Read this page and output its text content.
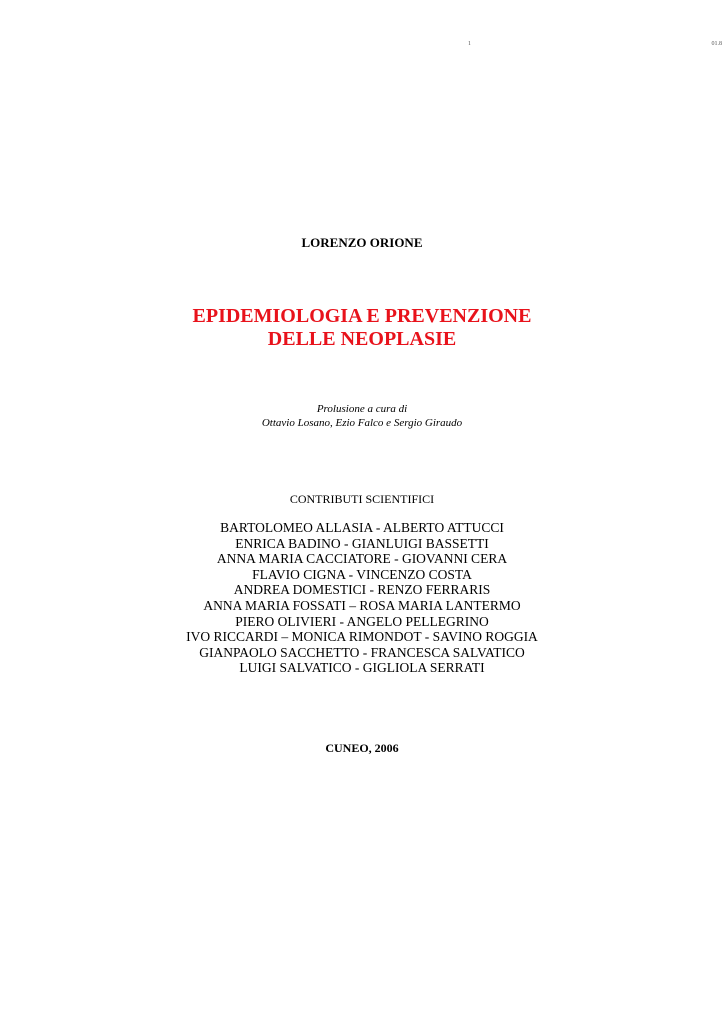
1	01.8
LORENZO ORIONE
EPIDEMIOLOGIA E PREVENZIONE
DELLE NEOPLASIE
Prolusione a cura di
Ottavio Losano, Ezio Falco e Sergio Giraudo
CONTRIBUTI SCIENTIFICI
BARTOLOMEO ALLASIA - ALBERTO ATTUCCI
ENRICA BADINO - GIANLUIGI BASSETTI
ANNA MARIA CACCIATORE - GIOVANNI CERA
FLAVIO CIGNA - VINCENZO COSTA
ANDREA DOMESTICI - RENZO FERRARIS
ANNA MARIA FOSSATI – ROSA MARIA LANTERMO
PIERO OLIVIERI - ANGELO PELLEGRINO
IVO RICCARDI – MONICA RIMONDOT - SAVINO ROGGIA
GIANPAOLO SACCHETTO - FRANCESCA SALVATICO
LUIGI SALVATICO - GIGLIOLA SERRATI
CUNEO, 2006
